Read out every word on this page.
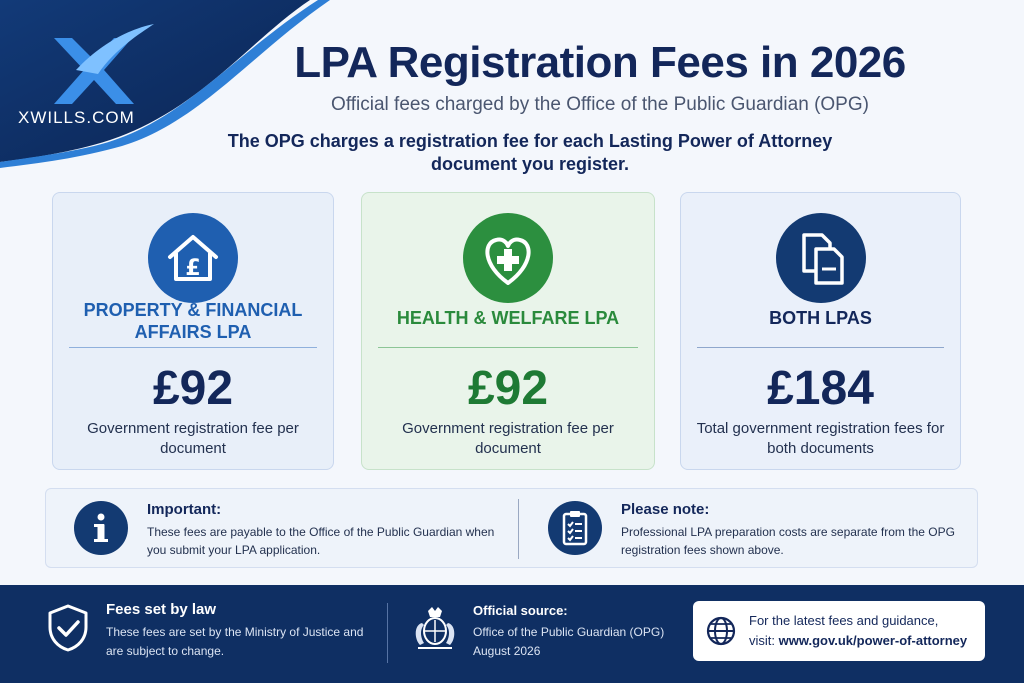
XWILLS.COM
LPA Registration Fees in 2026
Official fees charged by the Office of the Public Guardian (OPG)
The OPG charges a registration fee for each Lasting Power of Attorney document you register.
£
PROPERTY & FINANCIAL AFFAIRS LPA
£92
Government registration fee per document
HEALTH & WELFARE LPA
£92
Government registration fee per document
BOTH LPAS
£184
Total government registration fees for both documents
Important:
These fees are payable to the Office of the Public Guardian when you submit your LPA application.
Please note:
Professional LPA preparation costs are separate from the OPG registration fees shown above.
Fees set by law
These fees are set by the Ministry of Justice and are subject to change.
Official source:
Office of the Public Guardian (OPG)
August 2026
For the latest fees and guidance,
visit: www.gov.uk/power-of-attorney
